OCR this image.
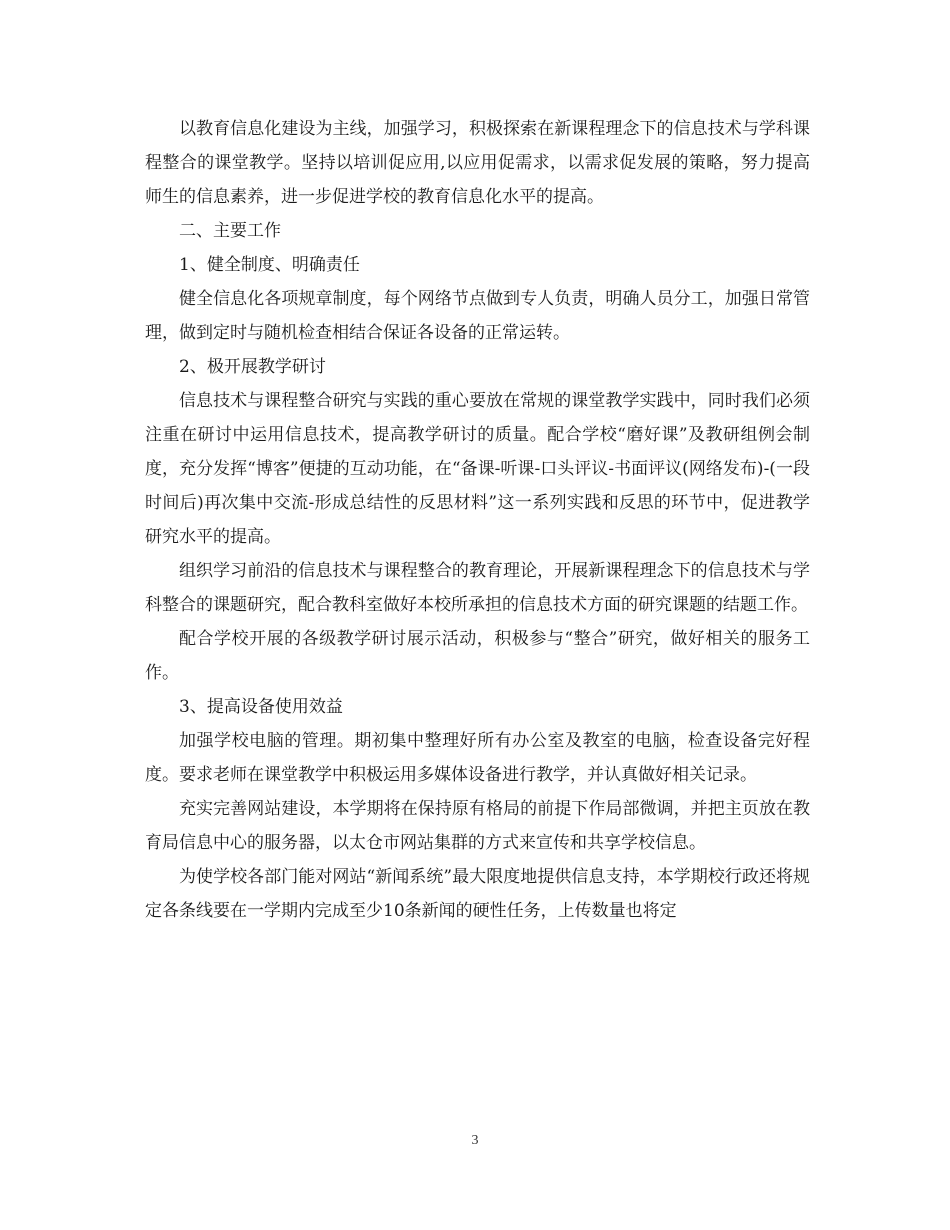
以教育信息化建设为主线，加强学习，积极探索在新课程理念下的信息技术与学科课程整合的课堂教学。坚持以培训促应用,以应用促需求，以需求促发展的策略，努力提高师生的信息素养，进一步促进学校的教育信息化水平的提高。

二、主要工作

1、健全制度、明确责任

健全信息化各项规章制度，每个网络节点做到专人负责，明确人员分工，加强日常管理，做到定时与随机检查相结合保证各设备的正常运转。

2、极开展教学研讨

信息技术与课程整合研究与实践的重心要放在常规的课堂教学实践中，同时我们必须注重在研讨中运用信息技术，提高教学研讨的质量。配合学校“磨好课”及教研组例会制度，充分发挥“博客”便捷的互动功能，在“备课-听课-口头评议-书面评议(网络发布)-(一段时间后)再次集中交流-形成总结性的反思材料”这一系列实践和反思的环节中，促进教学研究水平的提高。

组织学习前沿的信息技术与课程整合的教育理论，开展新课程理念下的信息技术与学科整合的课题研究，配合教科室做好本校所承担的信息技术方面的研究课题的结题工作。

配合学校开展的各级教学研讨展示活动，积极参与“整合”研究，做好相关的服务工作。

3、提高设备使用效益

加强学校电脑的管理。期初集中整理好所有办公室及教室的电脑，检查设备完好程度。要求老师在课堂教学中积极运用多媒体设备进行教学，并认真做好相关记录。

充实完善网站建设，本学期将在保持原有格局的前提下作局部微调，并把主页放在教育局信息中心的服务器，以太仓市网站集群的方式来宣传和共享学校信息。

为使学校各部门能对网站“新闻系统”最大限度地提供信息支持，本学期校行政还将规定各条线要在一学期内完成至少10条新闻的硬性任务，上传数量也将定

3
